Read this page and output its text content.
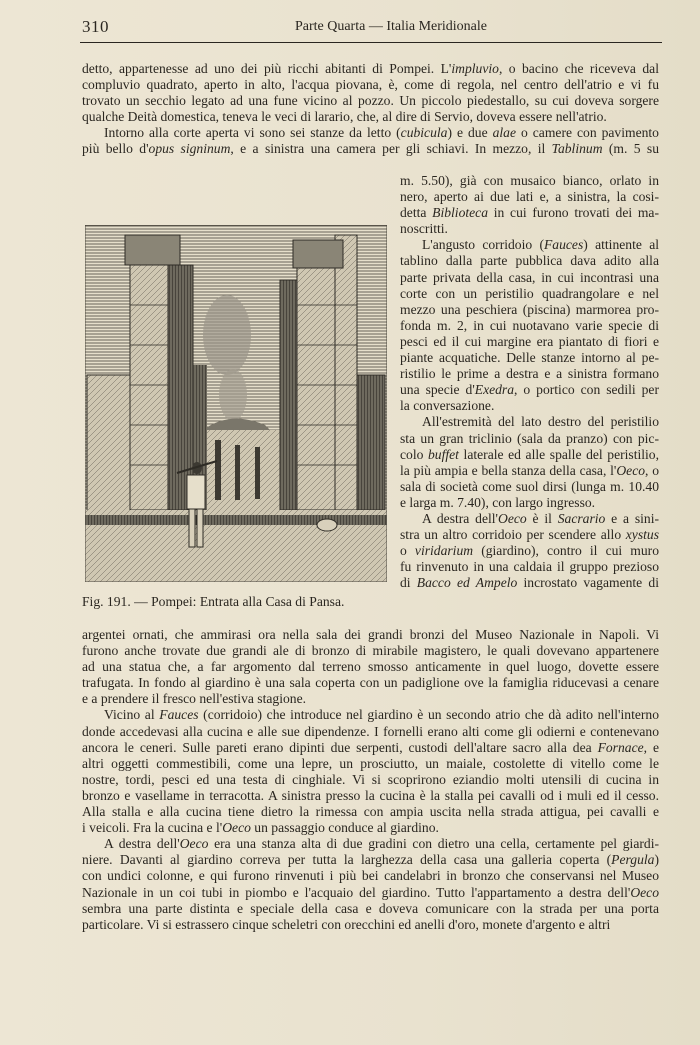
310	Parte Quarta — Italia Meridionale
detto, appartenesse ad uno dei più ricchi abitanti di Pompei. L'impluvio, o bacino che riceveva dal
compluvio quadrato, aperto in alto, l'acqua piovana, è, come di regola, nel centro dell'atrio e vi fu
trovato un secchio legato ad una fune vicino al pozzo. Un piccolo piedestallo, su cui doveva sorgere
qualche Deità domestica, teneva le veci di larario, che, al dire di Servio, doveva essere nell'atrio.
Intorno alla corte aperta vi sono sei stanze da letto (cubicula) e due alae o camere con pavimento
più bello d'opus signinum, e a sinistra una camera per gli schiavi. In mezzo, il Tablinum (m. 5 su
Fig. 191. — Pompei: Entrata alla Casa di Pansa.
m. 5.50), già con musaico bianco, orlato in
nero, aperto ai due lati e, a sinistra, la cosi-
detta Biblioteca in cui furono trovati dei ma-
noscritti.
L'angusto corridoio (Fauces) attinente al
tablino dalla parte pubblica dava adito alla
parte privata della casa, in cui incontrasi una
corte con un peristilio quadrangolare e nel
mezzo una peschiera (piscina) marmorea pro-
fonda m. 2, in cui nuotavano varie specie di
pesci ed il cui margine era piantato di fiori e
piante acquatiche. Delle stanze intorno al pe-
ristilio le prime a destra e a sinistra formano
una specie d'Exedra, o portico con sedili per
la conversazione.
All'estremità del lato destro del peristilio
sta un gran triclinio (sala da pranzo) con pic-
colo buffet laterale ed alle spalle del peristilio,
la più ampia e bella stanza della casa, l'Oeco, o
sala di società come suol dirsi (lunga m. 10.40
e larga m. 7.40), con largo ingresso.
A destra dell'Oeco è il Sacrario e a sini-
stra un altro corridoio per scendere allo xystus
o viridarium (giardino), contro il cui muro
fu rinvenuto in una caldaia il gruppo prezioso
di Bacco ed Ampelo incrostato vagamente di
argentei ornati, che ammirasi ora nella sala dei grandi bronzi del Museo Nazionale in Napoli. Vi
furono anche trovate due grandi ale di bronzo di mirabile magistero, le quali dovevano appartenere
ad una statua che, a far argomento dal terreno smosso anticamente in quel luogo, dovette essere
trafugata. In fondo al giardino è una sala coperta con un padiglione ove la famiglia riducevasi a cenare
e a prendere il fresco nell'estiva stagione.
Vicino al Fauces (corridoio) che introduce nel giardino è un secondo atrio che dà adito nell'interno
donde accedevasi alla cucina e alle sue dipendenze. I fornelli erano alti come gli odierni e contenevano
ancora le ceneri. Sulle pareti erano dipinti due serpenti, custodi dell'altare sacro alla dea Fornace, e
altri oggetti commestibili, come una lepre, un prosciutto, un maiale, costolette di vitello come le
nostre, tordi, pesci ed una testa di cinghiale. Vi si scoprirono eziandio molti utensili di cucina in
bronzo e vasellame in terracotta. A sinistra presso la cucina è la stalla pei cavalli od i muli ed il cesso.
Alla stalla e alla cucina tiene dietro la rimessa con ampia uscita nella strada attigua, pei cavalli e
i veicoli. Fra la cucina e l'Oeco un passaggio conduce al giardino.
A destra dell'Oeco era una stanza alta di due gradini con dietro una cella, certamente pel giardi-
niere. Davanti al giardino correva per tutta la larghezza della casa una galleria coperta (Pergula)
con undici colonne, e qui furono rinvenuti i più bei candelabri in bronzo che conservansi nel Museo
Nazionale in un coi tubi in piombo e l'acquaio del giardino. Tutto l'appartamento a destra dell'Oeco
sembra una parte distinta e speciale della casa e doveva comunicare con la strada per una porta
particolare. Vi si estrassero cinque scheletri con orecchini ed anelli d'oro, monete d'argento e altri
